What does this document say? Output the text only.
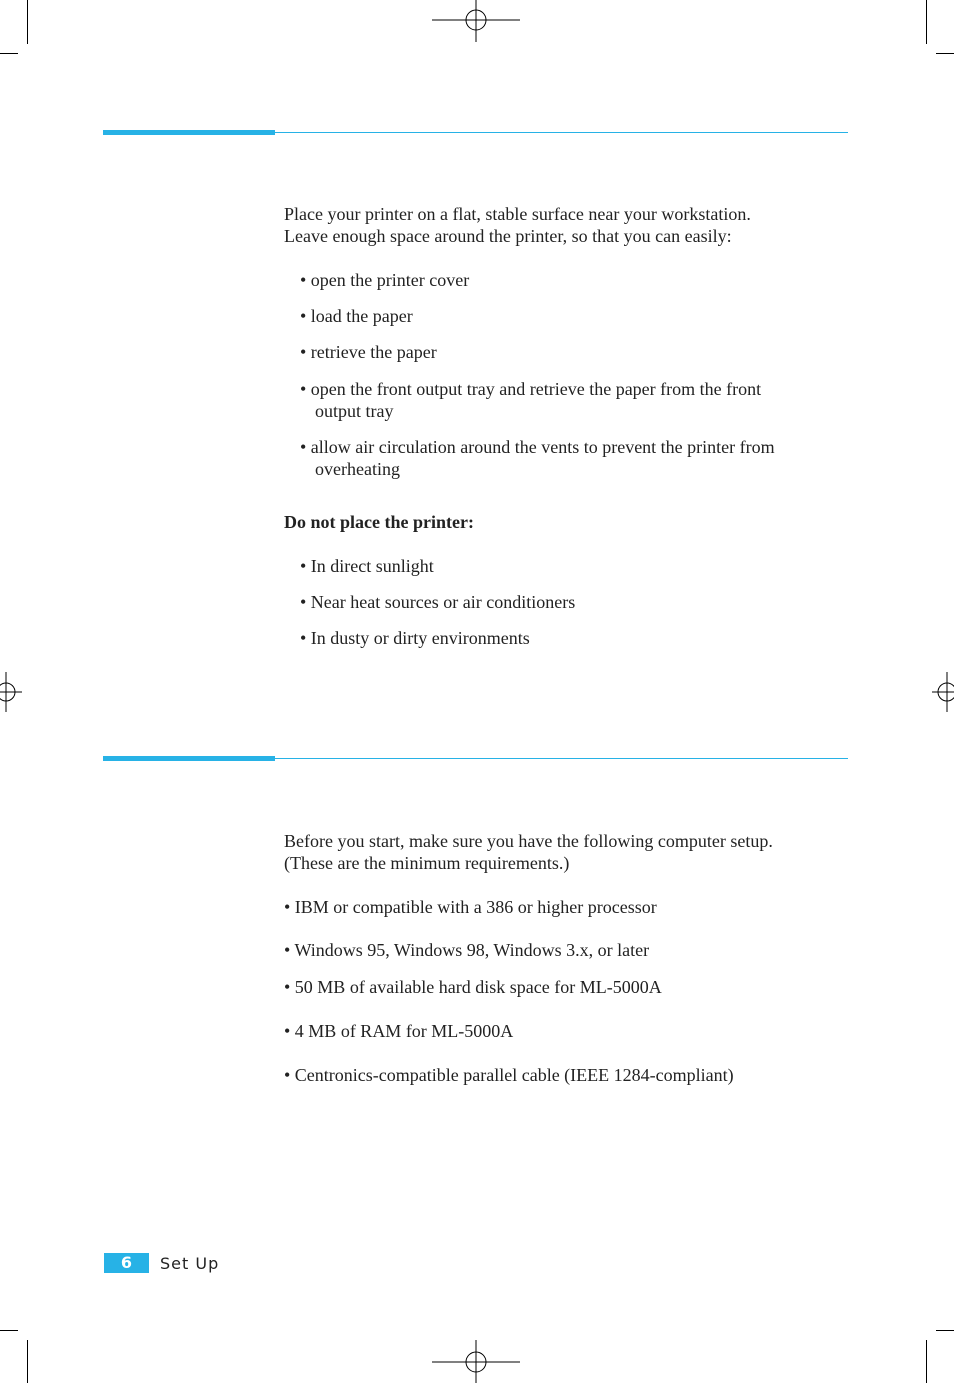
Place your printer on a flat, stable surface near your workstation.
Leave enough space around the printer, so that you can easily:
• open the printer cover
• load the paper
• retrieve the paper
• open the front output tray and retrieve the paper from the front
output tray
• allow air circulation around the vents to prevent the printer from
overheating
Do not place the printer:
• In direct sunlight
• Near heat sources or air conditioners
• In dusty or dirty environments
Before you start, make sure you have the following computer setup.
(These are the minimum requirements.)
• IBM or compatible with a 386 or higher processor
• Windows 95, Windows 98, Windows 3.x, or later
• 50 MB of available hard disk space for ML-5000A
• 4 MB of RAM for ML-5000A
• Centronics-compatible parallel cable (IEEE 1284-compliant)
6	Set Up
